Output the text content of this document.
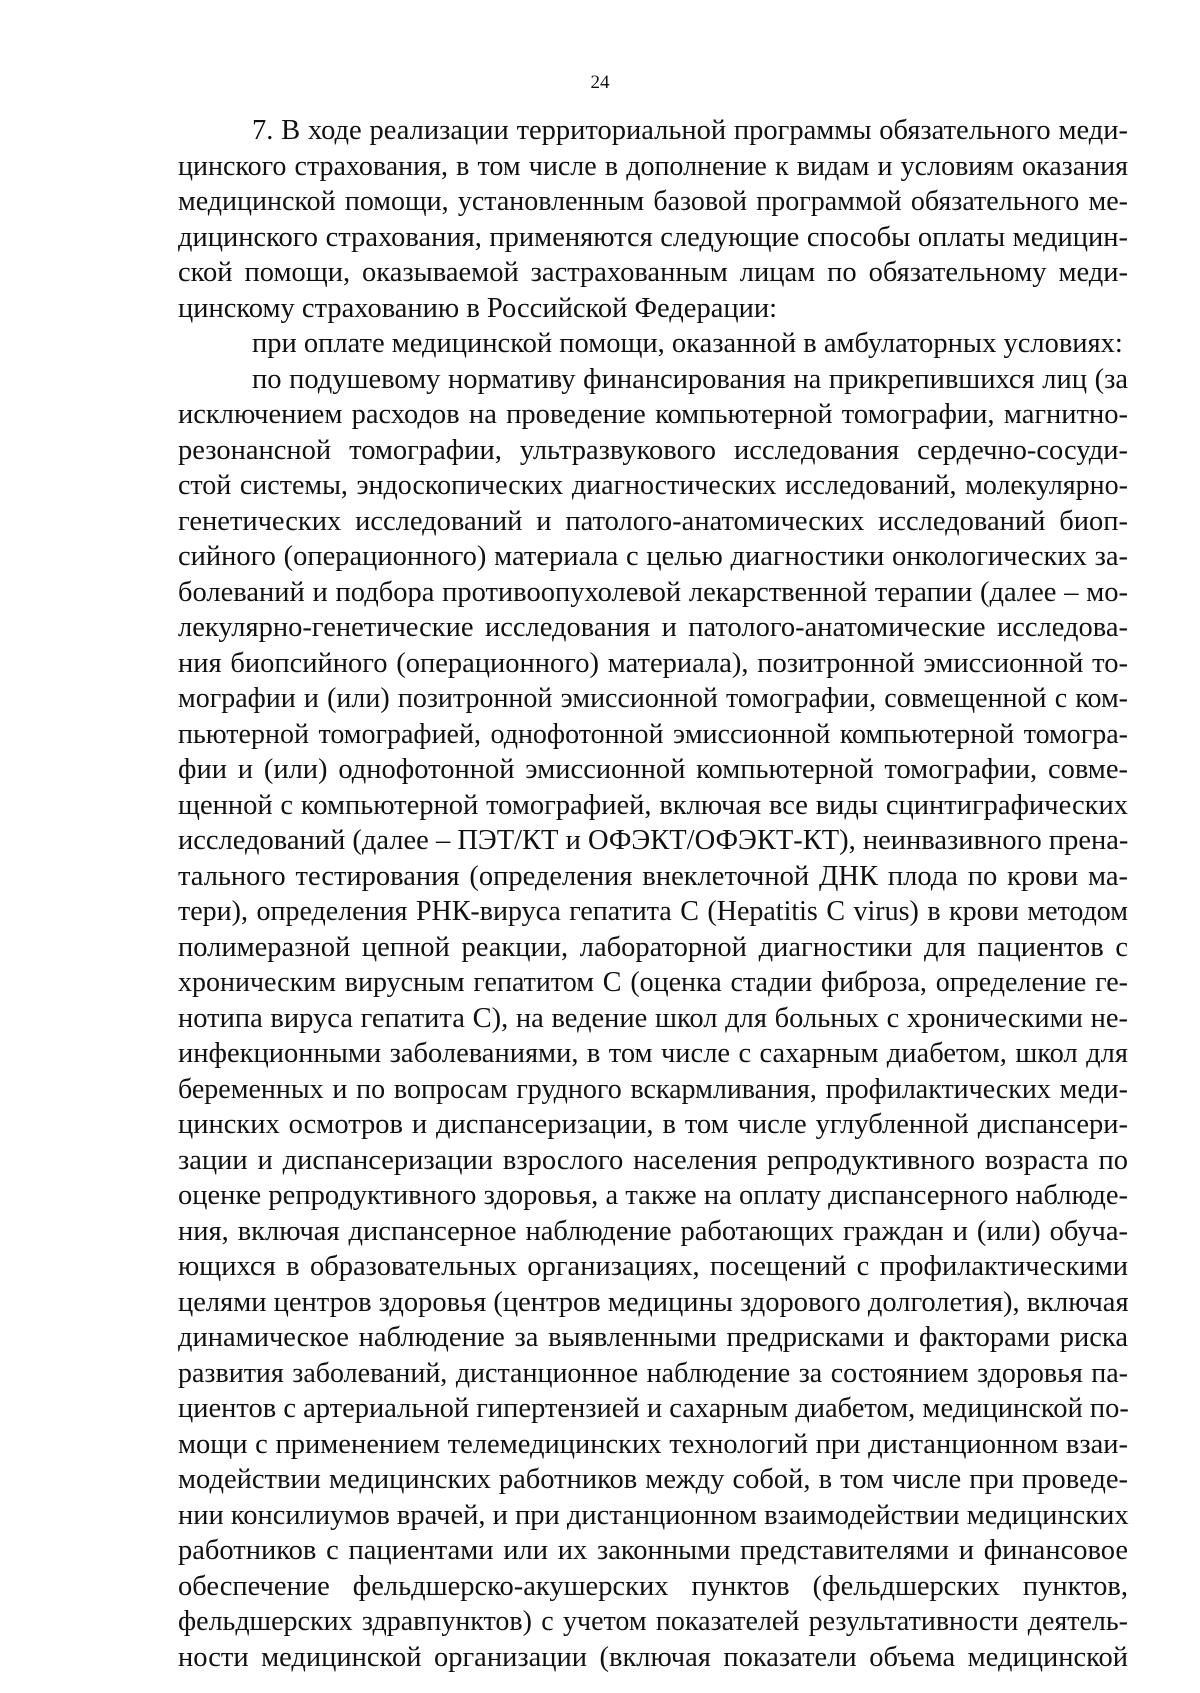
24
7. В ходе реализации территориальной программы обязательного меди-
цинского страхования, в том числе в дополнение к видам и условиям оказания
медицинской помощи, установленным базовой программой обязательного ме-
дицинского страхования, применяются следующие способы оплаты медицин-
ской помощи, оказываемой застрахованным лицам по обязательному меди-
цинскому страхованию в Российской Федерации:
при оплате медицинской помощи, оказанной в амбулаторных условиях:
по подушевому нормативу финансирования на прикрепившихся лиц (за
исключением расходов на проведение компьютерной томографии, магнитно-
резонансной томографии, ультразвукового исследования сердечно-сосуди-
стой системы, эндоскопических диагностических исследований, молекулярно-
генетических исследований и патолого-анатомических исследований биоп-
сийного (операционного) материала с целью диагностики онкологических за-
болеваний и подбора противоопухолевой лекарственной терапии (далее – мо-
лекулярно-генетические исследования и патолого-анатомические исследова-
ния биопсийного (операционного) материала), позитронной эмиссионной то-
мографии и (или) позитронной эмиссионной томографии, совмещенной с ком-
пьютерной томографией, однофотонной эмиссионной компьютерной томогра-
фии и (или) однофотонной эмиссионной компьютерной томографии, совме-
щенной с компьютерной томографией, включая все виды сцинтиграфических
исследований (далее – ПЭТ/КТ и ОФЭКТ/ОФЭКТ-КТ), неинвазивного прена-
тального тестирования (определения внеклеточной ДНК плода по крови ма-
тери), определения РНК-вируса гепатита С (Hepatitis C virus) в крови методом
полимеразной цепной реакции, лабораторной диагностики для пациентов с
хроническим вирусным гепатитом С (оценка стадии фиброза, определение ге-
нотипа вируса гепатита С), на ведение школ для больных с хроническими не-
инфекционными заболеваниями, в том числе с сахарным диабетом, школ для
беременных и по вопросам грудного вскармливания, профилактических меди-
цинских осмотров и диспансеризации, в том числе углубленной диспансери-
зации и диспансеризации взрослого населения репродуктивного возраста по
оценке репродуктивного здоровья, а также на оплату диспансерного наблюде-
ния, включая диспансерное наблюдение работающих граждан и (или) обуча-
ющихся в образовательных организациях, посещений с профилактическими
целями центров здоровья (центров медицины здорового долголетия), включая
динамическое наблюдение за выявленными предрисками и факторами риска
развития заболеваний, дистанционное наблюдение за состоянием здоровья па-
циентов с артериальной гипертензией и сахарным диабетом, медицинской по-
мощи с применением телемедицинских технологий при дистанционном взаи-
модействии медицинских работников между собой, в том числе при проведе-
нии консилиумов врачей, и при дистанционном взаимодействии медицинских
работников с пациентами или их законными представителями и финансовое
обеспечение фельдшерско-акушерских пунктов (фельдшерских пунктов,
фельдшерских здравпунктов) с учетом показателей результативности деятель-
ности медицинской организации (включая показатели объема медицинской
